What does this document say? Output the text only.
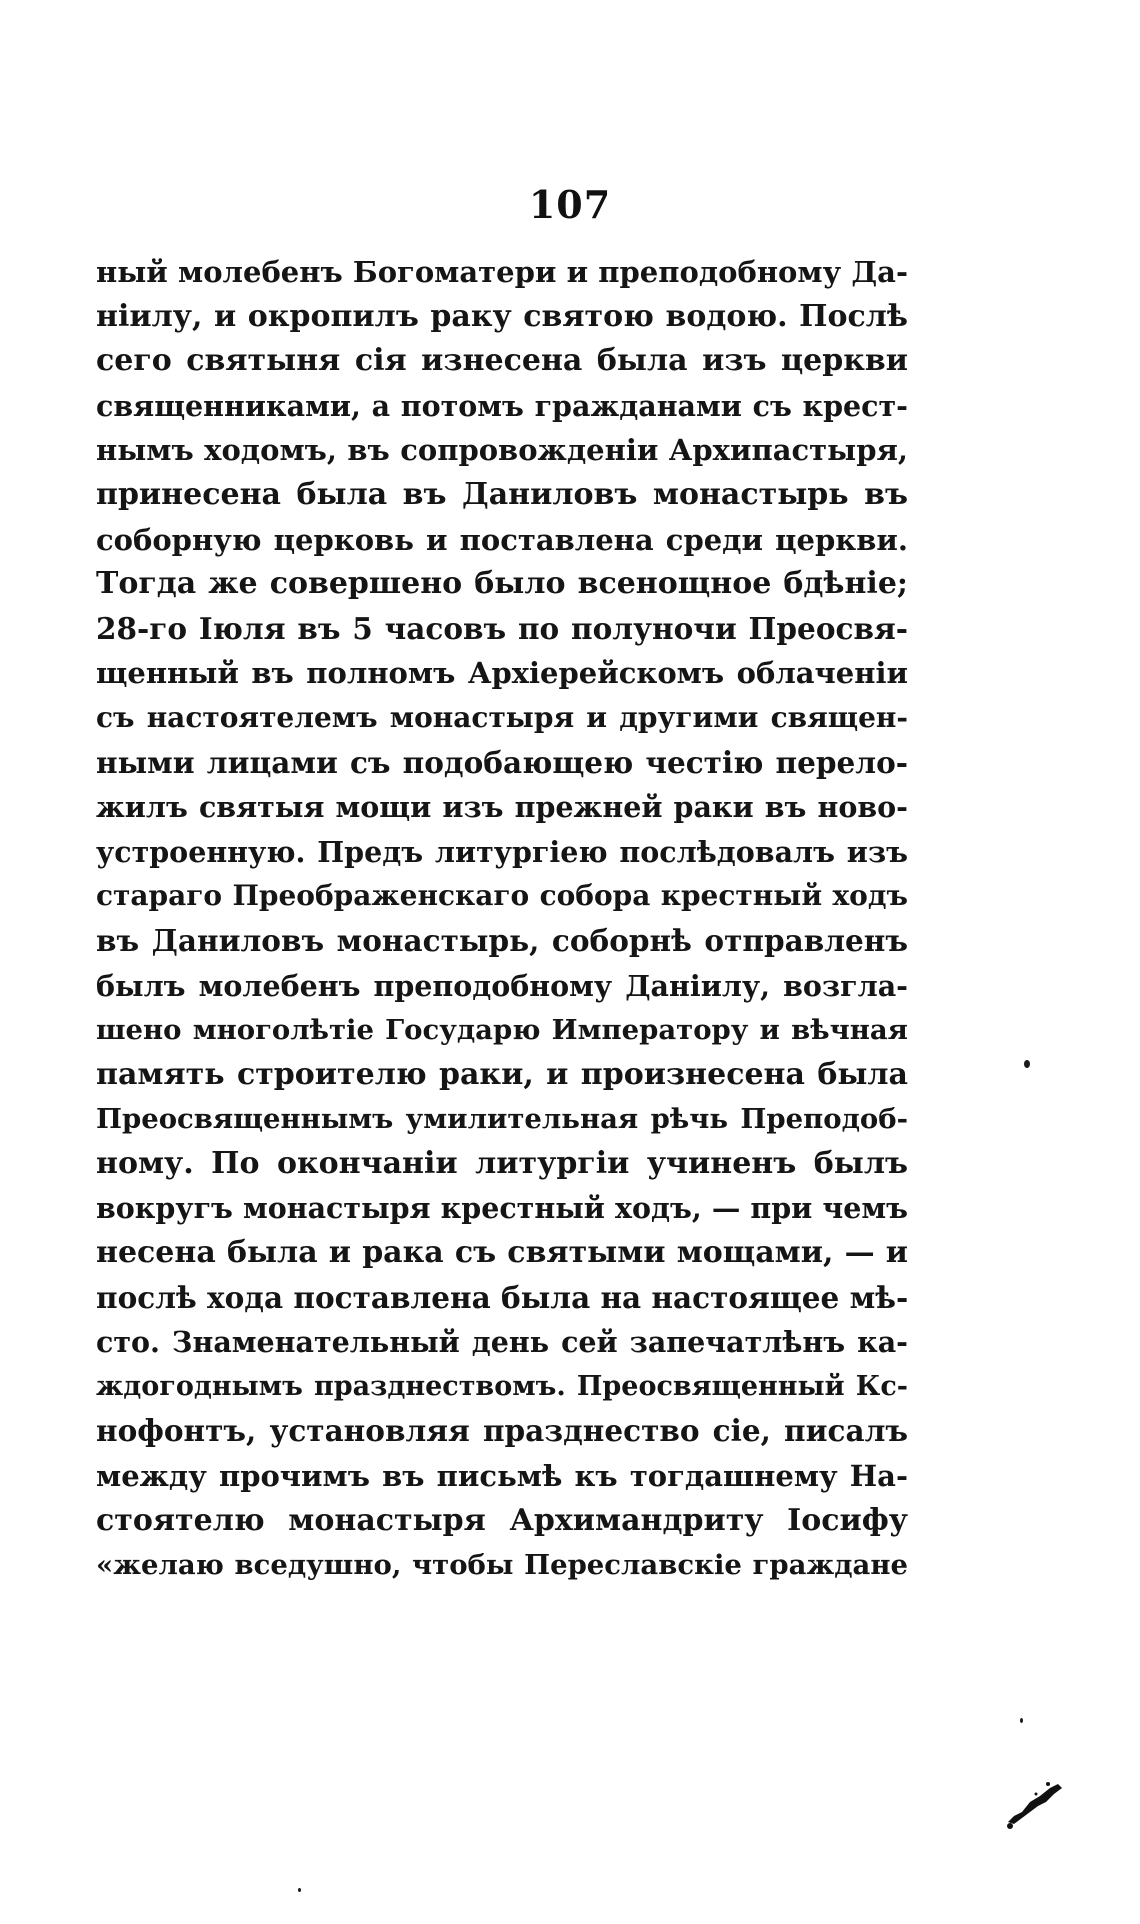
107
ный молебенъ Богоматери и преподобному Да-
нiилу, и окропилъ раку святою водою. Послѣ
сего святыня сiя изнесена была изъ церкви
священниками, а потомъ гражданами съ крест-
нымъ ходомъ, въ сопровожденiи Архипастыря,
принесена была въ Даниловъ монастырь въ
соборную церковь и поставлена среди церкви.
Тогда же совершено было всенощное бдѣнiе;
28-го Iюля въ 5 часовъ по полуночи Преосвя-
щенный въ полномъ Архiерейскомъ облаченiи
съ настоятелемъ монастыря и другими священ-
ными лицами съ подобающею честiю перело-
жилъ святыя мощи изъ прежней раки въ ново-
устроенную. Предъ литургiею послѣдовалъ изъ
стараго Преображенскаго собора крестный ходъ
въ Даниловъ монастырь, соборнѣ отправленъ
былъ молебенъ преподобному Данiилу, возгла-
шено многолѣтiе Государю Императору и вѣчная
память строителю раки, и произнесена была
Преосвященнымъ умилительная рѣчь Преподоб-
ному. По окончанiи литургiи учиненъ былъ
вокругъ монастыря крестный ходъ, — при чемъ
несена была и рака съ святыми мощами, — и
послѣ хода поставлена была на настоящее мѣ-
сто. Знаменательный день сей запечатлѣнъ ка-
ждогоднымъ празднествомъ. Преосвященный Кс-
нофонтъ, установляя празднество сiе, писалъ
между прочимъ въ письмѣ къ тогдашнему На-
стоятелю монастыря Архимандриту Iосифу
«желаю вседушно, чтобы Переславскiе граждане
